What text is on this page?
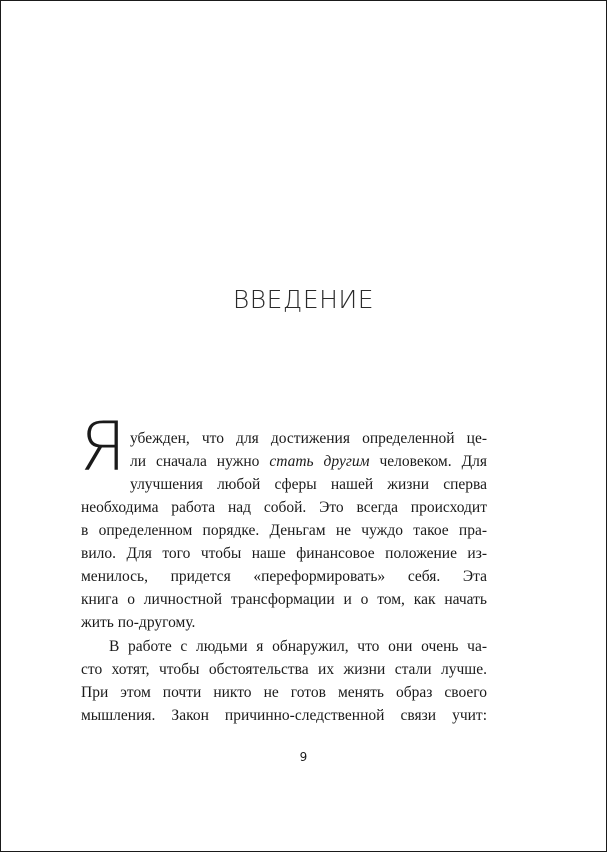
ВВЕДЕНИЕ
Я убежден, что для достижения определенной це-
ли сначала нужно стать другим человеком. Для
улучшения любой сферы нашей жизни сперва
необходима работа над собой. Это всегда происходит
в определенном порядке. Деньгам не чуждо такое пра-
вило. Для того чтобы наше финансовое положение из-
менилось, придется «переформировать» себя. Эта
книга о личностной трансформации и о том, как начать
жить по-другому.
В работе с людьми я обнаружил, что они очень ча-
сто хотят, чтобы обстоятельства их жизни стали лучше.
При этом почти никто не готов менять образ своего
мышления. Закон причинно-следственной связи учит:
9
